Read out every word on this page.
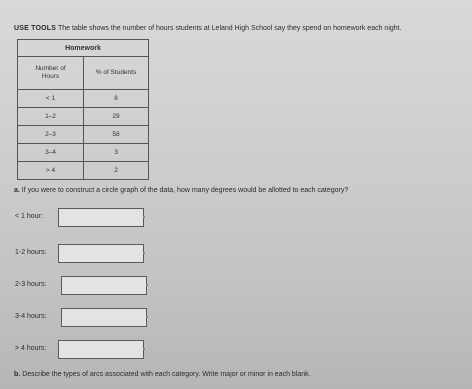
USE TOOLS The table shows the number of hours students at Leland High School say they spend on homework each night.
Homework	
Number of
Hours	% of Students
< 1	8
1–2	29
2–3	58
3–4	3
> 4	2
a. If you were to construct a circle graph of the data, how many degrees would be allotted to each category?
< 1 hour:
1-2 hours:
2-3 hours:
3-4 hours:
> 4 hours:
b. Describe the types of arcs associated with each category. Write major or minor in each blank.
